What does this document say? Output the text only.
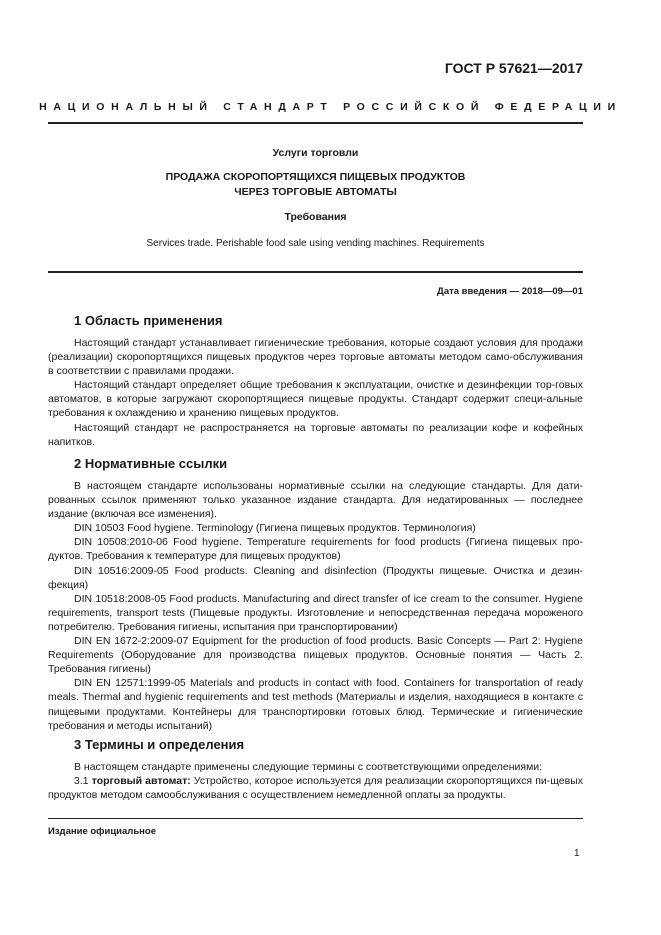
ГОСТ Р 57621—2017
НАЦИОНАЛЬНЫЙ СТАНДАРТ РОССИЙСКОЙ ФЕДЕРАЦИИ
Услуги торговли
ПРОДАЖА СКОРОПОРТЯЩИХСЯ ПИЩЕВЫХ ПРОДУКТОВ
ЧЕРЕЗ ТОРГОВЫЕ АВТОМАТЫ
Требования
Services trade. Perishable food sale using vending machines. Requirements
Дата введения — 2018—09—01
1 Область применения

Настоящий стандарт устанавливает гигиенические требования, которые создают условия для продажи (реализации) скоропортящихся пищевых продуктов через торговые автоматы методом само-обслуживания в соответствии с правилами продажи.

Настоящий стандарт определяет общие требования к эксплуатации, очистке и дезинфекции тор-говых автоматов, в которые загружают скоропортящиеся пищевые продукты. Стандарт содержит специ-альные требования к охлаждению и хранению пищевых продуктов.

Настоящий стандарт не распространяется на торговые автоматы по реализации кофе и кофейных напитков.

2 Нормативные ссылки

В настоящем стандарте использованы нормативные ссылки на следующие стандарты. Для дати-рованных ссылок применяют только указанное издание стандарта. Для недатированных — последнее издание (включая все изменения).

DIN 10503 Food hygiene. Terminology (Гигиена пищевых продуктов. Терминология)

DIN 10508:2010-06 Food hygiene. Temperature requirements for food products (Гигиена пищевых про-дуктов. Требования к температуре для пищевых продуктов)

DIN 10516:2009-05 Food products. Cleaning and disinfection (Продукты пищевые. Очистка и дезин-фекция)

DIN 10518:2008-05 Food products. Manufacturing and direct transfer of ice cream to the consumer. Hygiene requirements, transport tests (Пищевые продукты. Изготовление и непосредственная передача мороженого потребителю. Требования гигиены, испытания при транспортировании)

DIN EN 1672-2:2009-07 Equipment for the production of food products. Basic Concepts — Part 2: Hygiene Requirements (Оборудование для производства пищевых продуктов. Основные понятия — Часть 2. Требования гигиены)

DIN EN 12571:1999-05 Materials and products in contact with food. Containers for transportation of ready meals. Thermal and hygienic requirements and test methods (Материалы и изделия, находящиеся в контакте с пищевыми продуктами. Контейнеры для транспортировки готовых блюд. Термические и гигиенические требования и методы испытаний)

3 Термины и определения

В настоящем стандарте применены следующие термины с соответствующими определениями:

3.1 торговый автомат: Устройство, которое используется для реализации скоропортящихся пи-щевых продуктов методом самообслуживания с осуществлением немедленной оплаты за продукты.

Издание официальное
1
